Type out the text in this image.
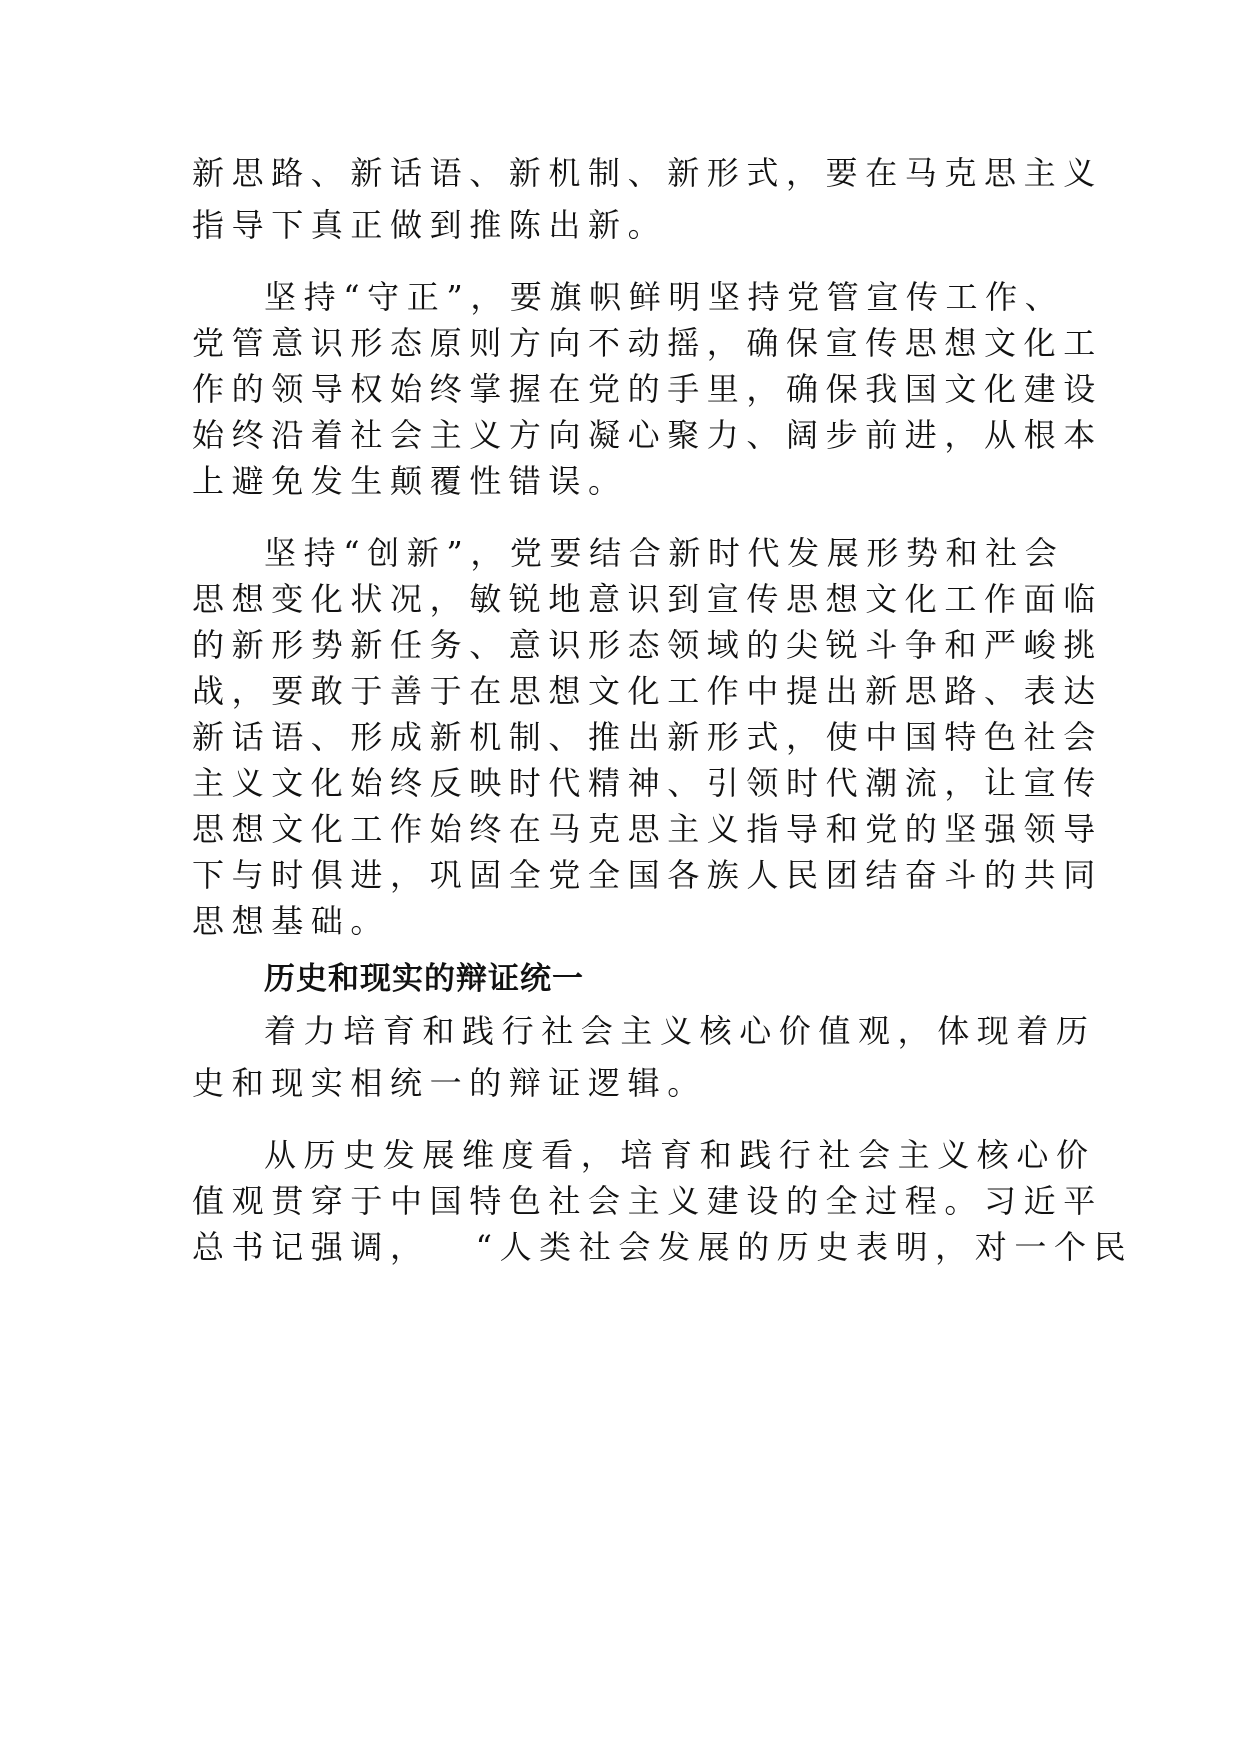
新思路、新话语、新机制、新形式，要在马克思主义
指导下真正做到推陈出新。
坚持“守正”，要旗帜鲜明坚持党管宣传工作、
党管意识形态原则方向不动摇，确保宣传思想文化工
作的领导权始终掌握在党的手里，确保我国文化建设
始终沿着社会主义方向凝心聚力、阔步前进，从根本
上避免发生颠覆性错误。
坚持“创新”，党要结合新时代发展形势和社会
思想变化状况，敏锐地意识到宣传思想文化工作面临
的新形势新任务、意识形态领域的尖锐斗争和严峻挑
战，要敢于善于在思想文化工作中提出新思路、表达
新话语、形成新机制、推出新形式，使中国特色社会
主义文化始终反映时代精神、引领时代潮流，让宣传
思想文化工作始终在马克思主义指导和党的坚强领导
下与时俱进，巩固全党全国各族人民团结奋斗的共同
思想基础。
历史和现实的辩证统一
着力培育和践行社会主义核心价值观，体现着历
史和现实相统一的辩证逻辑。
从历史发展维度看，培育和践行社会主义核心价
值观贯穿于中国特色社会主义建设的全过程。习近平
总书记强调， “人类社会发展的历史表明，对一个民
